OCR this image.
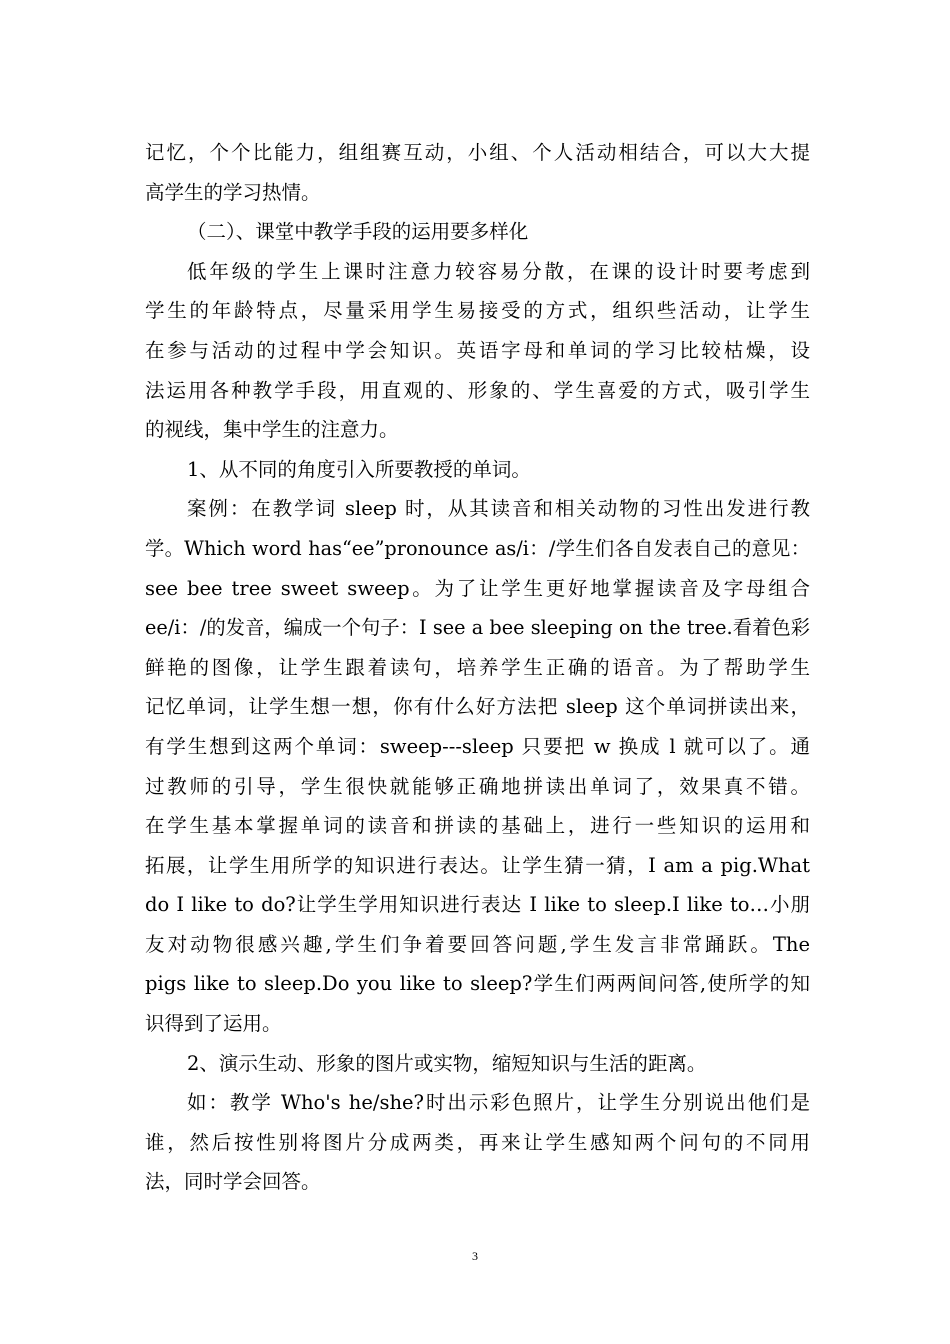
记忆，个个比能力，组组赛互动，小组、个人活动相结合，可以大大提
高学生的学习热情。
（二）、课堂中教学手段的运用要多样化
低年级的学生上课时注意力较容易分散，在课的设计时要考虑到
学生的年龄特点，尽量采用学生易接受的方式，组织些活动，让学生
在参与活动的过程中学会知识。英语字母和单词的学习比较枯燥，设
法运用各种教学手段，用直观的、形象的、学生喜爱的方式，吸引学生
的视线，集中学生的注意力。
1、从不同的角度引入所要教授的单词。
案例：在教学词 sleep 时，从其读音和相关动物的习性出发进行教
学。Which word has“ee”pronounce as/i：/学生们各自发表自己的意见：
see bee tree sweet sweep。为了让学生更好地掌握读音及字母组合
ee/i：/的发音，编成一个句子：I see a bee sleeping on the tree.看着色彩
鲜艳的图像，让学生跟着读句，培养学生正确的语音。为了帮助学生
记忆单词，让学生想一想，你有什么好方法把 sleep 这个单词拼读出来，
有学生想到这两个单词：sweep---sleep 只要把 w 换成 l 就可以了。通
过教师的引导，学生很快就能够正确地拼读出单词了，效果真不错。
在学生基本掌握单词的读音和拼读的基础上，进行一些知识的运用和
拓展，让学生用所学的知识进行表达。让学生猜一猜，I am a pig.What
do I like to do?让学生学用知识进行表达 I like to sleep.I like to…小朋
友对动物很感兴趣,学生们争着要回答问题,学生发言非常踊跃。The
pigs like to sleep.Do you like to sleep?学生们两两间问答,使所学的知
识得到了运用。
2、演示生动、形象的图片或实物，缩短知识与生活的距离。
如：教学 Who's he/she?时出示彩色照片，让学生分别说出他们是
谁，然后按性别将图片分成两类，再来让学生感知两个问句的不同用
法，同时学会回答。
3
